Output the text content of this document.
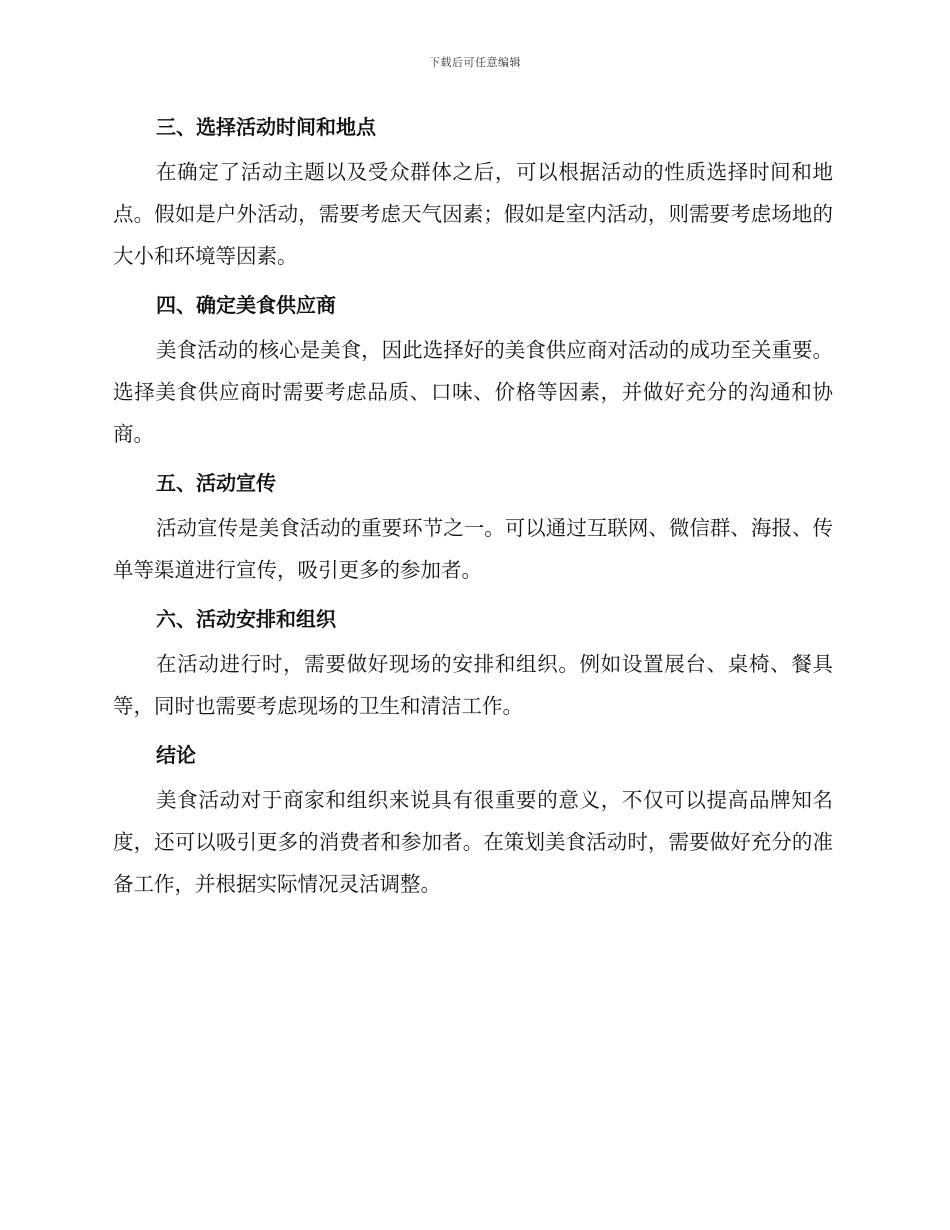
下载后可任意编辑
三、选择活动时间和地点

在确定了活动主题以及受众群体之后，可以根据活动的性质选择时间和地点。假如是户外活动，需要考虑天气因素；假如是室内活动，则需要考虑场地的大小和环境等因素。

四、确定美食供应商

美食活动的核心是美食，因此选择好的美食供应商对活动的成功至关重要。选择美食供应商时需要考虑品质、口味、价格等因素，并做好充分的沟通和协商。

五、活动宣传

活动宣传是美食活动的重要环节之一。可以通过互联网、微信群、海报、传单等渠道进行宣传，吸引更多的参加者。

六、活动安排和组织

在活动进行时，需要做好现场的安排和组织。例如设置展台、桌椅、餐具等，同时也需要考虑现场的卫生和清洁工作。

结论

美食活动对于商家和组织来说具有很重要的意义，不仅可以提高品牌知名度，还可以吸引更多的消费者和参加者。在策划美食活动时，需要做好充分的准备工作，并根据实际情况灵活调整。
